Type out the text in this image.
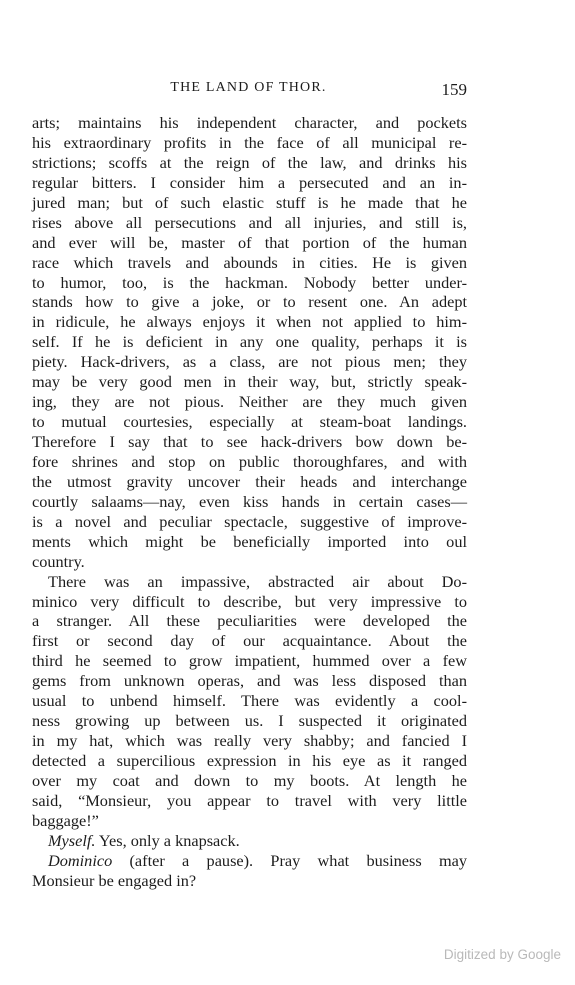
THE LAND OF THOR.	159
arts; maintains his independent character, and pockets
his extraordinary profits in the face of all municipal re-
strictions; scoffs at the reign of the law, and drinks his
regular bitters. I consider him a persecuted and an in-
jured man; but of such elastic stuff is he made that he
rises above all persecutions and all injuries, and still is,
and ever will be, master of that portion of the human
race which travels and abounds in cities. He is given
to humor, too, is the hackman. Nobody better under-
stands how to give a joke, or to resent one. An adept
in ridicule, he always enjoys it when not applied to him-
self. If he is deficient in any one quality, perhaps it is
piety. Hack-drivers, as a class, are not pious men; they
may be very good men in their way, but, strictly speak-
ing, they are not pious. Neither are they much given
to mutual courtesies, especially at steam-boat landings.
Therefore I say that to see hack-drivers bow down be-
fore shrines and stop on public thoroughfares, and with
the utmost gravity uncover their heads and interchange
courtly salaams—nay, even kiss hands in certain cases—
is a novel and peculiar spectacle, suggestive of improve-
ments which might be beneficially imported into oul
country.
There was an impassive, abstracted air about Do-
minico very difficult to describe, but very impressive to
a stranger. All these peculiarities were developed the
first or second day of our acquaintance. About the
third he seemed to grow impatient, hummed over a few
gems from unknown operas, and was less disposed than
usual to unbend himself. There was evidently a cool-
ness growing up between us. I suspected it originated
in my hat, which was really very shabby; and fancied I
detected a supercilious expression in his eye as it ranged
over my coat and down to my boots. At length he
said, “Monsieur, you appear to travel with very little
baggage!”
Myself. Yes, only a knapsack.
Dominico (after a pause). Pray what business may
Monsieur be engaged in?
Digitized by Google
